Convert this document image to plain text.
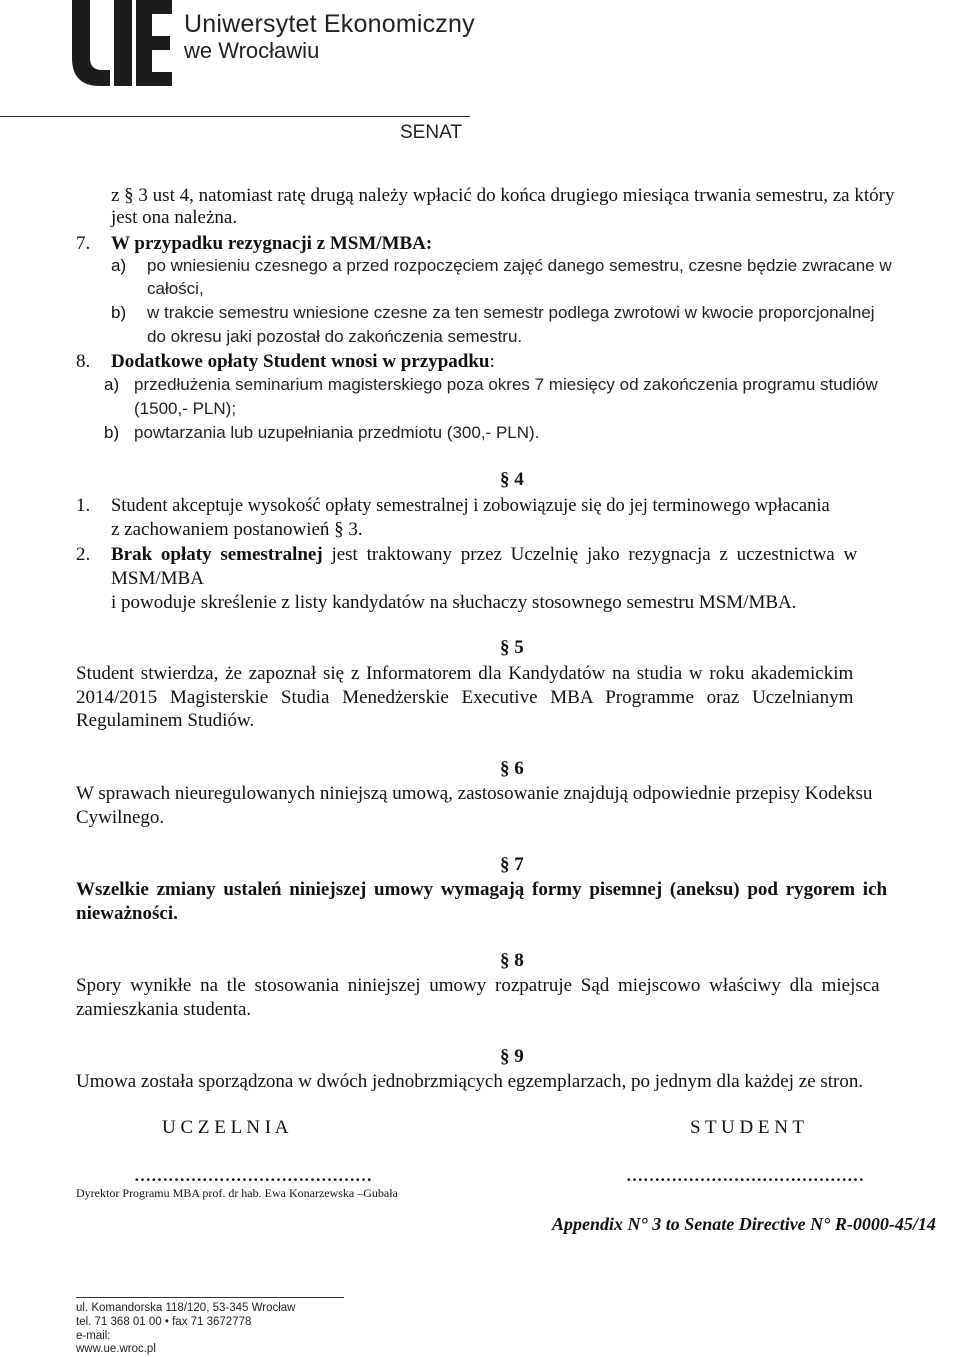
Uniwersytet Ekonomiczny
we Wrocławiu
SENAT
z § 3 ust 4, natomiast ratę drugą należy wpłacić do końca drugiego miesiąca trwania semestru, za który
jest ona należna.
7. W przypadku rezygnacji z MSM/MBA:
a) po wniesieniu czesnego a przed rozpoczęciem zajęć danego semestru, czesne będzie zwracane w
całości,
b) w trakcie semestru wniesione czesne za ten semestr podlega zwrotowi w kwocie proporcjonalnej
do okresu jaki pozostał do zakończenia semestru.
8. Dodatkowe opłaty Student wnosi w przypadku:
a) przedłużenia seminarium magisterskiego poza okres 7 miesięcy od zakończenia programu studiów
(1500,- PLN);
b) powtarzania lub uzupełniania przedmiotu (300,- PLN).
§ 4
1. Student akceptuje wysokość opłaty semestralnej i zobowiązuje się do jej terminowego wpłacania
z zachowaniem postanowień § 3.
2. Brak opłaty semestralnej jest traktowany przez Uczelnię jako rezygnacja z uczestnictwa w
MSM/MBA
i powoduje skreślenie z listy kandydatów na słuchaczy stosownego semestru MSM/MBA.
§ 5
Student stwierdza, że zapoznał się z Informatorem dla Kandydatów na studia w roku akademickim
2014/2015 Magisterskie Studia Menedżerskie Executive MBA Programme oraz Uczelnianym
Regulaminem Studiów.
§ 6
W sprawach nieuregulowanych niniejszą umową, zastosowanie znajdują odpowiednie przepisy Kodeksu
Cywilnego.
§ 7
Wszelkie zmiany ustaleń niniejszej umowy wymagają formy pisemnej (aneksu) pod rygorem ich
nieważności.
§ 8
Spory wynikłe na tle stosowania niniejszej umowy rozpatruje Sąd miejscowo właściwy dla miejsca
zamieszkania studenta.
§ 9
Umowa została sporządzona w dwóch jednobrzmiących egzemplarzach, po jednym dla każdej ze stron.
U C Z E L N I A	S T U D E N T
……………………………………	……………………………………
Dyrektor Programu MBA prof. dr hab. Ewa Konarzewska –Gubała
Appendix N° 3 to Senate Directive N° R-0000-45/14
ul. Komandorska 118/120, 53-345 Wrocław
tel. 71 368 01 00 • fax 71 3672778
e-mail:
www.ue.wroc.pl
